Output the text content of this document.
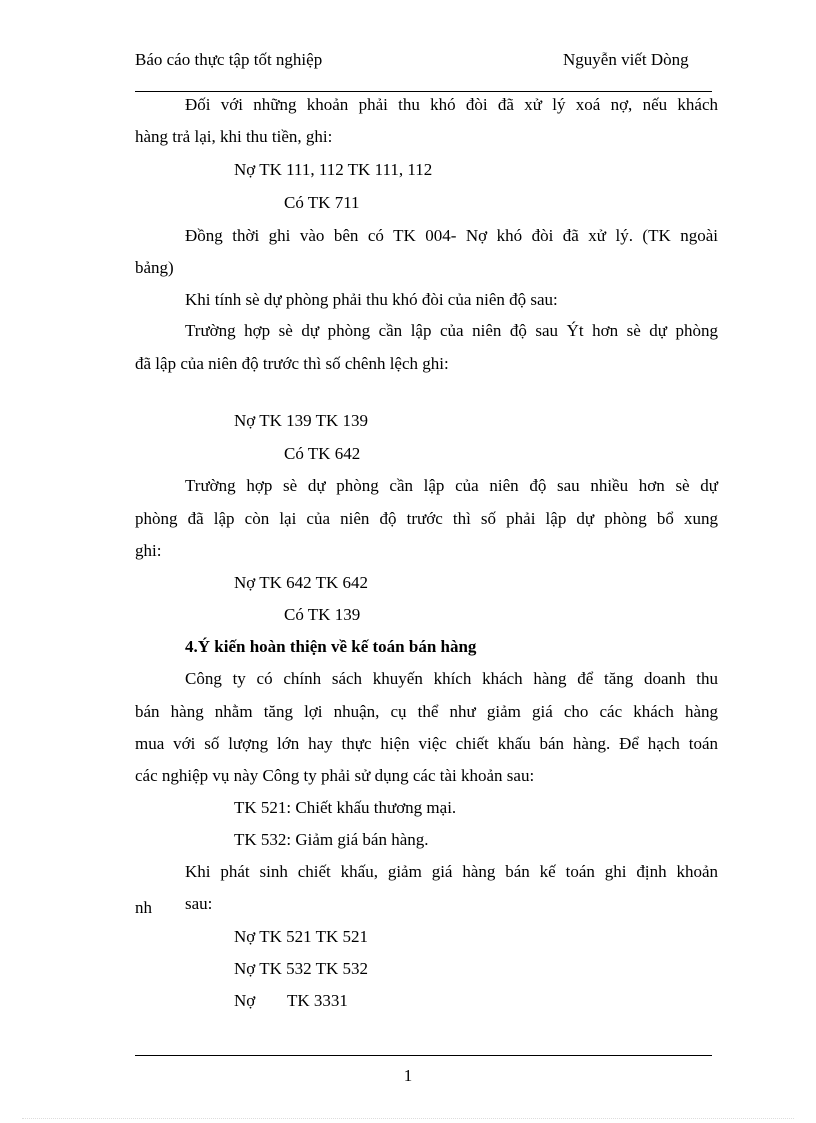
Báo cáo thực tập tốt nghiệp	Nguyễn viết Dòng
Đối với những khoản phải thu khó đòi đã xử lý xoá nợ, nếu khách
hàng trả lại, khi thu tiền, ghi:
Nợ TK 111, 112 TK 111, 112
Có TK 711
Đồng thời ghi vào bên có TK 004- Nợ khó đòi đã xử lý. (TK ngoài
bảng)
Khi tính sè dự phòng phải thu khó đòi của niên độ sau:
Trường hợp sè dự phòng cần lập của niên độ sau Ýt hơn sè dự phòng
đã lập của niên độ trước thì số chênh lệch ghi:
Nợ TK 139 TK 139
Có TK 642
Trường hợp sè dự phòng cần lập của niên độ sau nhiều hơn sè dự
phòng đã lập còn lại của niên độ trước thì số phải lập dự phòng bổ xung
ghi:
Nợ TK 642 TK 642
Có TK 139
4.Ý kiến hoàn thiện về kế toán bán hàng
Công ty có chính sách khuyến khích khách hàng để tăng doanh thu
bán hàng nhằm tăng lợi nhuận, cụ thể như giảm giá cho các khách hàng
mua với số lượng lớn hay thực hiện việc chiết khấu bán hàng. Để hạch toán
các nghiệp vụ này Công ty phải sử dụng các tài khoản sau:
TK 521: Chiết khấu thương mại.
TK 532: Giảm giá bán hàng.
Khi phát sinh chiết khấu, giảm giá hàng bán kế toán ghi định khoản
nh sau:
Nợ TK 521 TK 521
Nợ TK 532 TK 532
Nợ TK 3331
1
